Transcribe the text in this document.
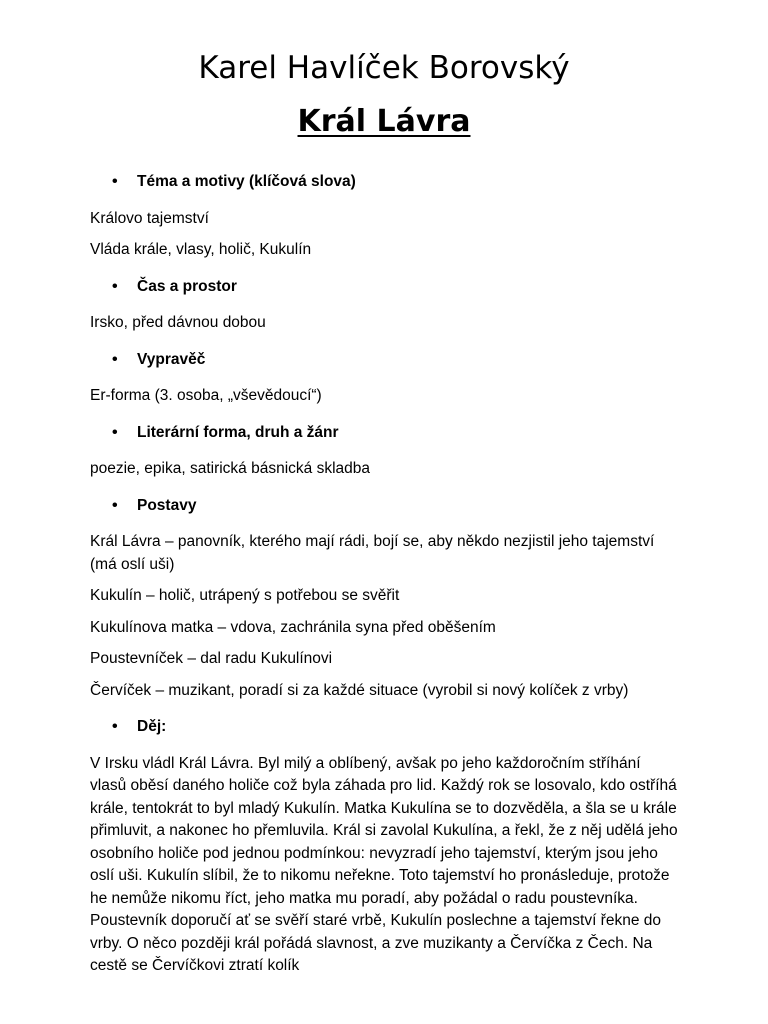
Karel Havlíček Borovský
Král Lávra
•	Téma a motivy (klíčová slova)

Královo tajemství

Vláda krále, vlasy, holič, Kukulín

•	Čas a prostor

Irsko, před dávnou dobou

•	Vypravěč

Er-forma (3. osoba, „vševědoucí“)

•	Literární forma, druh a žánr

poezie, epika, satirická básnická skladba

•	Postavy

Král Lávra – panovník, kterého mají rádi, bojí se, aby někdo nezjistil jeho tajemství (má oslí uši)

Kukulín – holič, utrápený s potřebou se svěřit

Kukulínova matka – vdova, zachránila syna před oběšením

Poustevníček – dal radu Kukulínovi

Červíček – muzikant, poradí si za každé situace (vyrobil si nový kolíček z vrby)

•	Děj:

V Irsku vládl Král Lávra. Byl milý a oblíbený, avšak po jeho každoročním stříhání vlasů oběsí daného holiče což byla záhada pro lid. Každý rok se losovalo, kdo ostříhá krále, tentokrát to byl mladý Kukulín. Matka Kukulína se to dozvěděla, a šla se u krále přimluvit, a nakonec ho přemluvila. Král si zavolal Kukulína, a řekl, že z něj udělá jeho osobního holiče pod jednou podmínkou: nevyzradí jeho tajemství, kterým jsou jeho oslí uši. Kukulín slíbil, že to nikomu neřekne. Toto tajemství ho pronásleduje, protože he nemůže nikomu říct, jeho matka mu poradí, aby požádal o radu poustevníka. Poustevník doporučí ať se svěří staré vrbě, Kukulín poslechne a tajemství řekne do vrby. O něco později král pořádá slavnost, a zve muzikanty a Červíčka z Čech. Na cestě se Červíčkovi ztratí kolík
